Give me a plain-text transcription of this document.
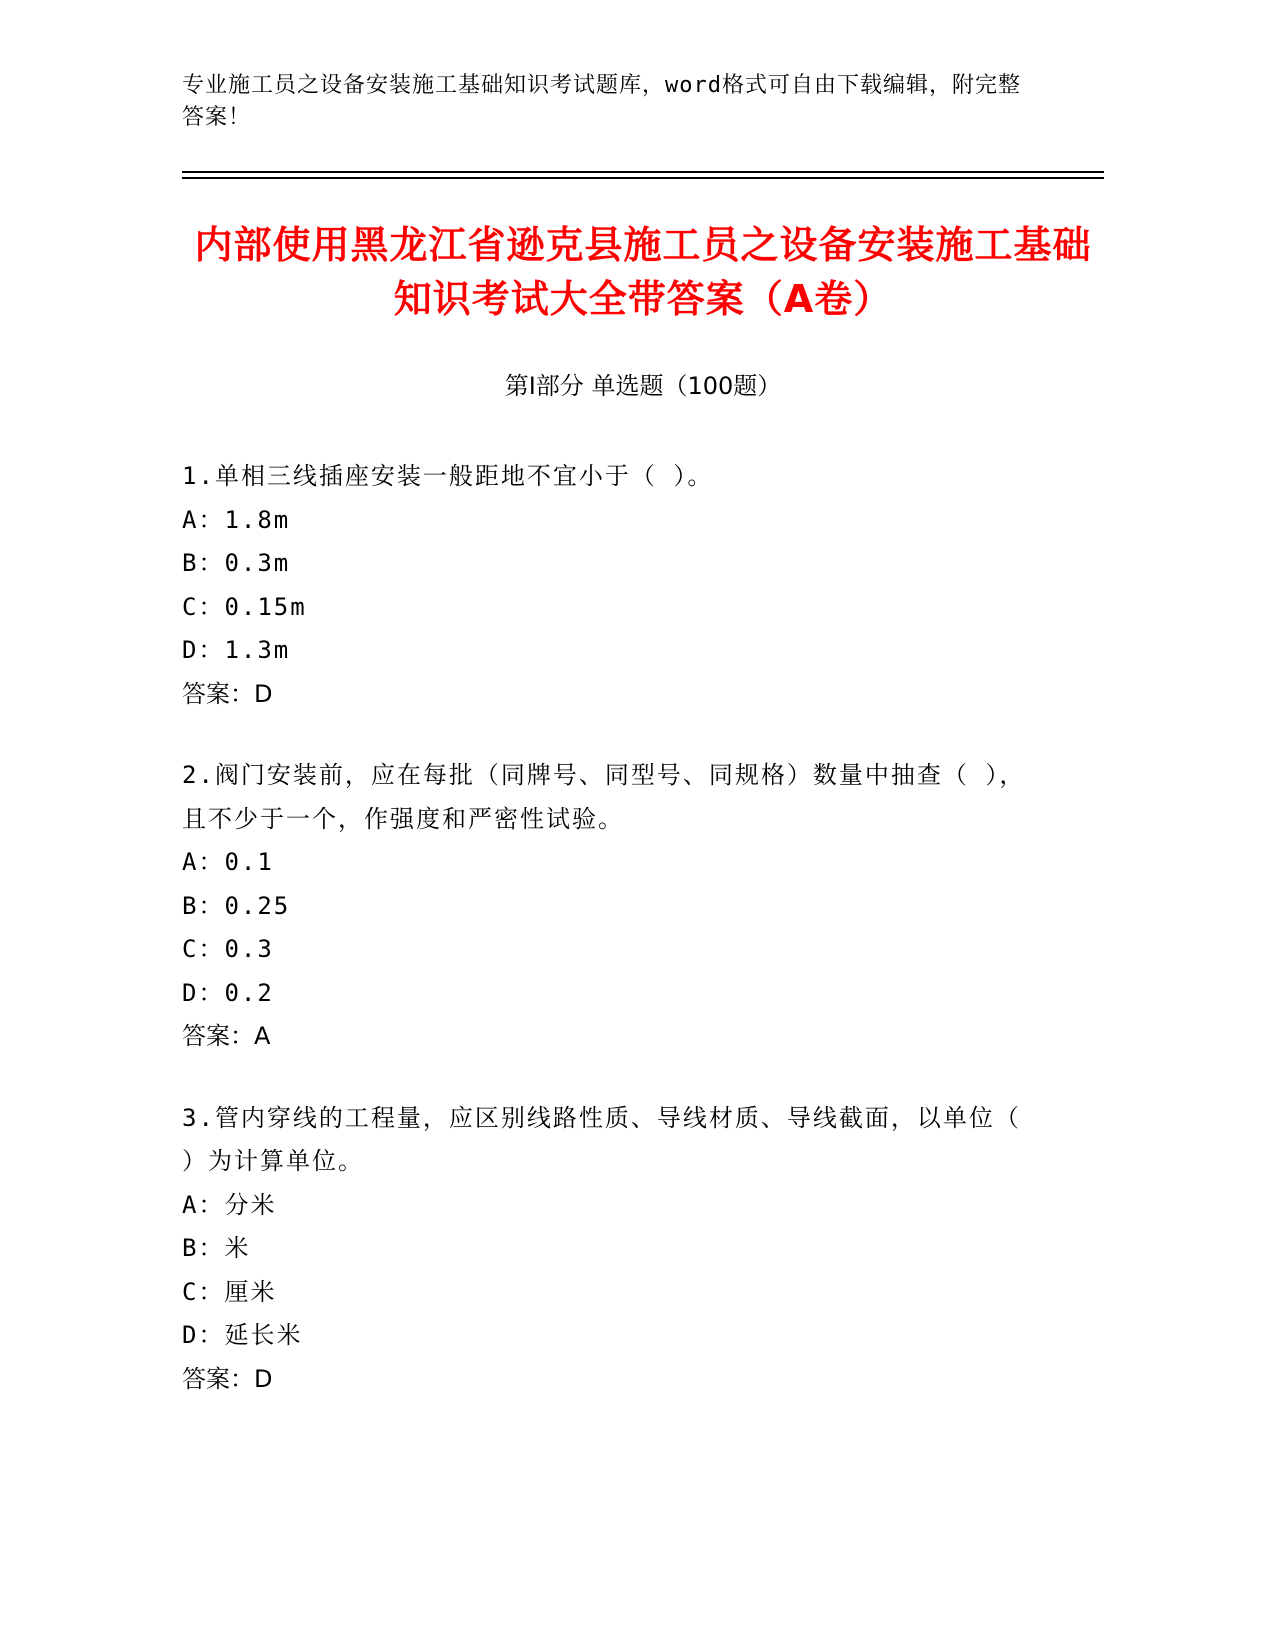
专业施工员之设备安装施工基础知识考试题库，word格式可自由下载编辑，附完整答案！
内部使用黑龙江省逊克县施工员之设备安装施工基础知识考试大全带答案（A卷）
第I部分 单选题（100题）
1.单相三线插座安装一般距地不宜小于（ ）。
A：1.8m
B：0.3m
C：0.15m
D：1.3m
答案：D
2.阀门安装前，应在每批（同牌号、同型号、同规格）数量中抽查（ ），且不少于一个，作强度和严密性试验。
A：0.1
B：0.25
C：0.3
D：0.2
答案：A
3.管内穿线的工程量，应区别线路性质、导线材质、导线截面，以单位（ ）为计算单位。
A：分米
B：米
C：厘米
D：延长米
答案：D
